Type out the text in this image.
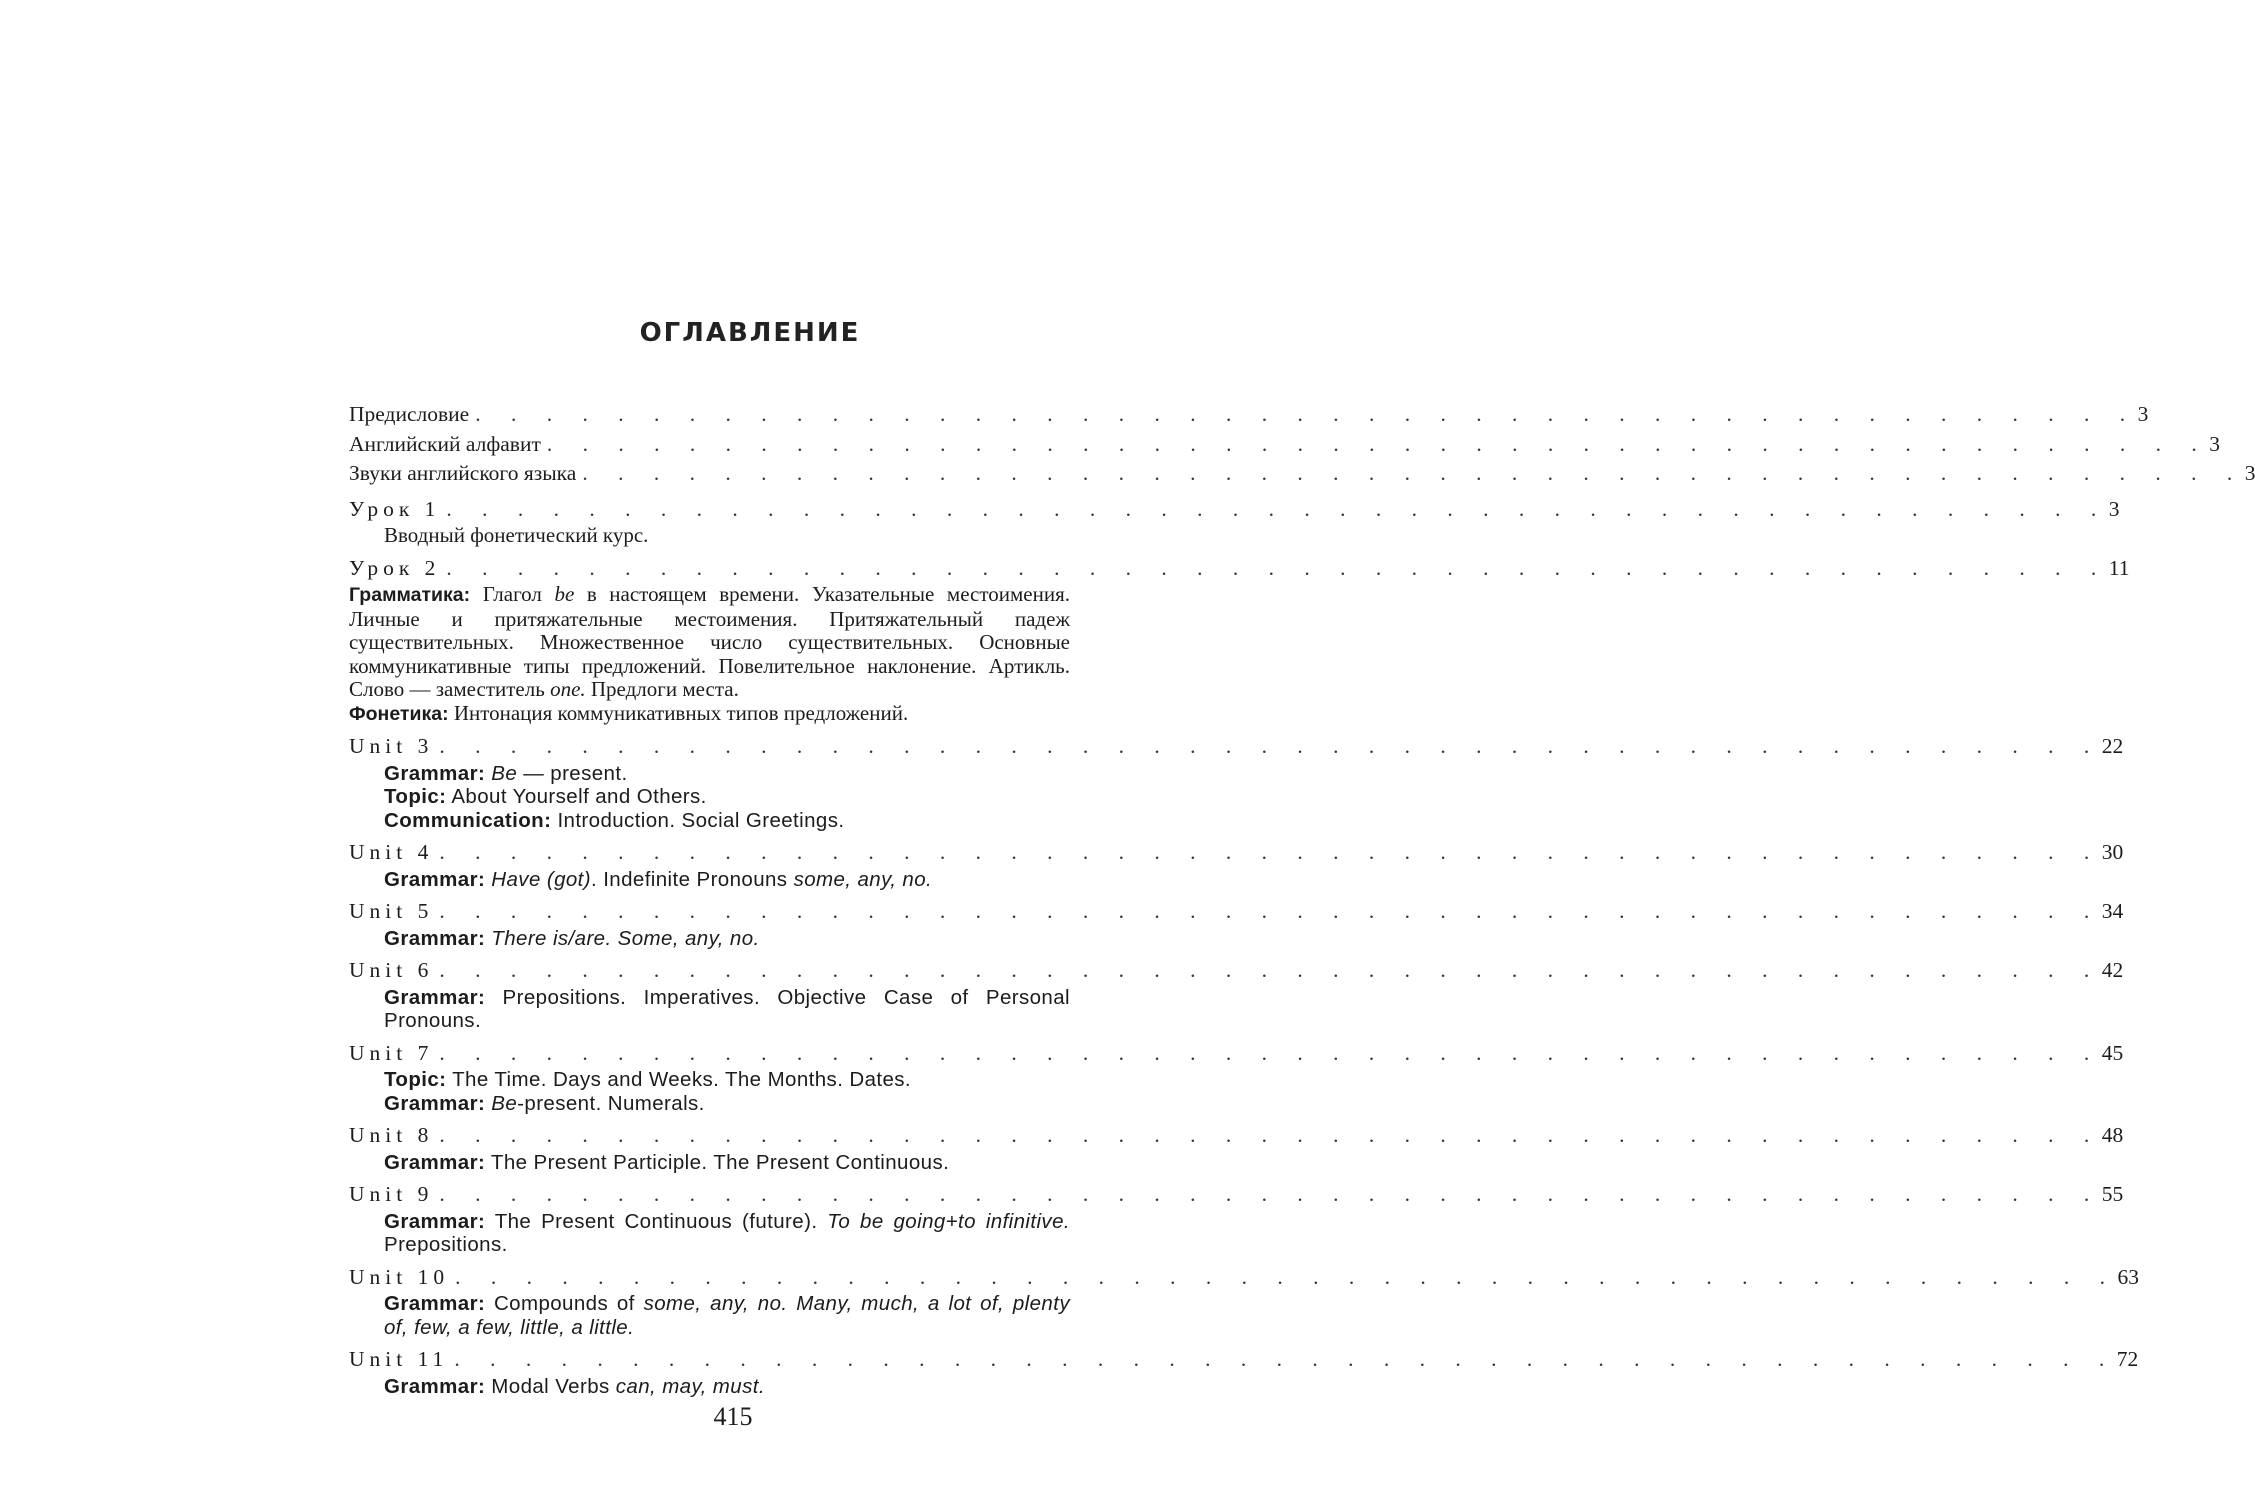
ОГЛАВЛЕНИЕ
Предисловие . . . . . . . . . . . . . . . . . . . . . . . . . . . . . . . . . . . . . . . . . . . . . . . 3
Английский алфавит . . . . . . . . . . . . . . . . . . . . . . . . . . . . . . . . . . . . . . . . . . . . . . . 3
Звуки английского языка . . . . . . . . . . . . . . . . . . . . . . . . . . . . . . . . . . . . . . . . . . . . . . . 3
Урок 1 . . . . . . . . . . . . . . . . . . . . . . . . . . . . . . . . . . . . . . . . . . . . . . . 3
Вводный фонетический курс.
Урок 2 . . . . . . . . . . . . . . . . . . . . . . . . . . . . . . . . . . . . . . . . . . . . . . . 11
Грамматика: Глагол be в настоящем времени. Указательные местоимения. Личные и притяжательные местоимения. Притяжательный падеж существительных. Множественное число существительных. Основные коммуникативные типы предложений. Повелительное наклонение. Артикль. Слово — заместитель one. Предлоги места.
Фонетика: Интонация коммуникативных типов предложений.
Unit 3 . . . . . . . . . . . . . . . . . . . . . . . . . . . . . . . . . . . . . . . . . . . . . . . 22
Grammar: Be — present.
Topic: About Yourself and Others.
Communication: Introduction. Social Greetings.
Unit 4 . . . . . . . . . . . . . . . . . . . . . . . . . . . . . . . . . . . . . . . . . . . . . . . 30
Grammar: Have (got). Indefinite Pronouns some, any, no.
Unit 5 . . . . . . . . . . . . . . . . . . . . . . . . . . . . . . . . . . . . . . . . . . . . . . . 34
Grammar: There is/are. Some, any, no.
Unit 6 . . . . . . . . . . . . . . . . . . . . . . . . . . . . . . . . . . . . . . . . . . . . . . . 42
Grammar: Prepositions. Imperatives. Objective Case of Personal Pronouns.
Unit 7 . . . . . . . . . . . . . . . . . . . . . . . . . . . . . . . . . . . . . . . . . . . . . . . 45
Topic: The Time. Days and Weeks. The Months. Dates.
Grammar: Be-present. Numerals.
Unit 8 . . . . . . . . . . . . . . . . . . . . . . . . . . . . . . . . . . . . . . . . . . . . . . . 48
Grammar: The Present Participle. The Present Continuous.
Unit 9 . . . . . . . . . . . . . . . . . . . . . . . . . . . . . . . . . . . . . . . . . . . . . . . 55
Grammar: The Present Continuous (future). To be going+to infinitive. Prepositions.
Unit 10 . . . . . . . . . . . . . . . . . . . . . . . . . . . . . . . . . . . . . . . . . . . . . . . 63
Grammar: Compounds of some, any, no. Many, much, a lot of, plenty of, few, a few, little, a little.
Unit 11 . . . . . . . . . . . . . . . . . . . . . . . . . . . . . . . . . . . . . . . . . . . . . . . 72
Grammar: Modal Verbs can, may, must.
415
